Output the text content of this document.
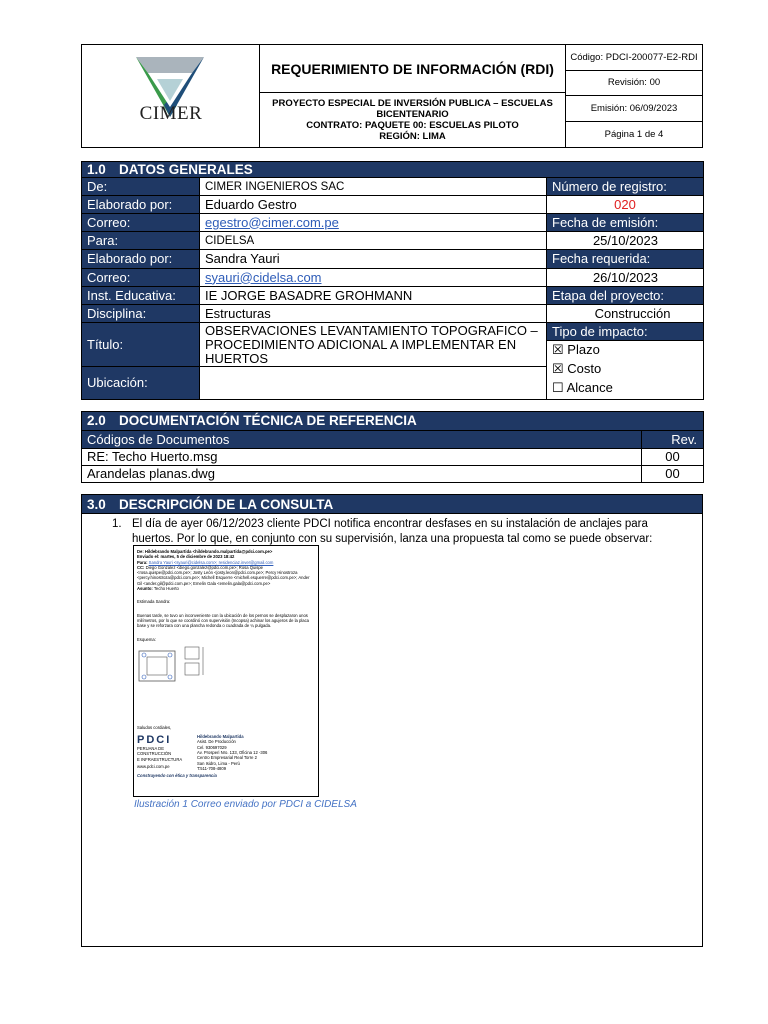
CIMER
REQUERIMIENTO DE INFORMACIÓN (RDI)
PROYECTO ESPECIAL DE INVERSIÓN PUBLICA – ESCUELAS
BICENTENARIO
CONTRATO: PAQUETE 00: ESCUELAS PILOTO
REGIÓN: LIMA
Código: PDCI-200077-E2-RDI
Revisión: 00
Emisión: 06/09/2023
Página 1 de 4
1.0 DATOS GENERALES		
De:	CIMER INGENIEROS SAC	Número de registro:
Elaborado por:	Eduardo Gestro	020
Correo:	egestro@cimer.com.pe	Fecha de emisión:
Para:	CIDELSA	25/10/2023
Elaborado por:	Sandra Yauri	Fecha requerida:
Correo:	syauri@cidelsa.com	26/10/2023
Inst. Educativa:	IE JORGE BASADRE GROHMANN	Etapa del proyecto:
Disciplina:	Estructuras	Construcción
Título:	OBSERVACIONES LEVANTAMIENTO TOPOGRAFICO – PROCEDIMIENTO ADICIONAL A IMPLEMENTAR EN HUERTOS	Tipo de impacto:

		☒ Plazo
☒ Costo
☐ Alcance

Ubicación:		

2.0 DOCUMENTACIÓN TÉCNICA DE REFERENCIA	
Códigos de Documentos	Rev.
RE: Techo Huerto.msg	00
Arandelas planas.dwg	00
3.0 DESCRIPCIÓN DE LA CONSULTA
1. El día de ayer 06/12/2023 cliente PDCI notifica encontrar desfases en su instalación de anclajes para huertos. Por lo que, en conjunto con su supervisión, lanza una propuesta tal como se puede observar:
De: Hildebrando Malpartida <hildebrando.malpartida@pdci.com.pe>
Enviado el: martes, 5 de diciembre de 2023 18:42
Para: Sandra Yauri <syauri@cidelsa.com>; residenciaz.inver@gmail.com
CC: Diego Gonzalez <diego.gonzalez@pdci.com.pe>; Rosa Quispe <rosa.quispe@pdci.com.pe>; Josty León <josty.leon@pdci.com.pe>; Percy Hinostroza <percy.hinostroza@pdci.com.pe>; Michell Esquerre <michell.esquerre@pdci.com.pe>; Ander Gil <ander.gil@pdci.com.pe>; Emelin Gala <emelin.gala@pdci.com.pe>
Asunto: Techo Huerto
Estimada Sandra:
Buenas tarde, se tuvo un inconveniente con la ubicación de los pernos se desplazaron unos milímetros, por lo que se coordinó con supervisión (Incopsa) achinar los agujeros de la placa base y se reforzara con una plancha redonda o cuadrada de ¼ pulgada.
Esquema:
Saludos cordiales,
PDCI
PERUANA DE CONSTRUCCIÓN
E INFRAESTRUCTURA
www.pdci.com.pe
Hildebrando Malpartida
Asist. De Producción
Cel. 930697029
Av. Prosperi Nro. 133, Oficina 12 -306
Centro Empresarial Real Torre 2
San Isidro, Lima - Perú
T:511-708-4809
Construyendo con ética y transparencia
Ilustración 1 Correo enviado por PDCI a CIDELSA
